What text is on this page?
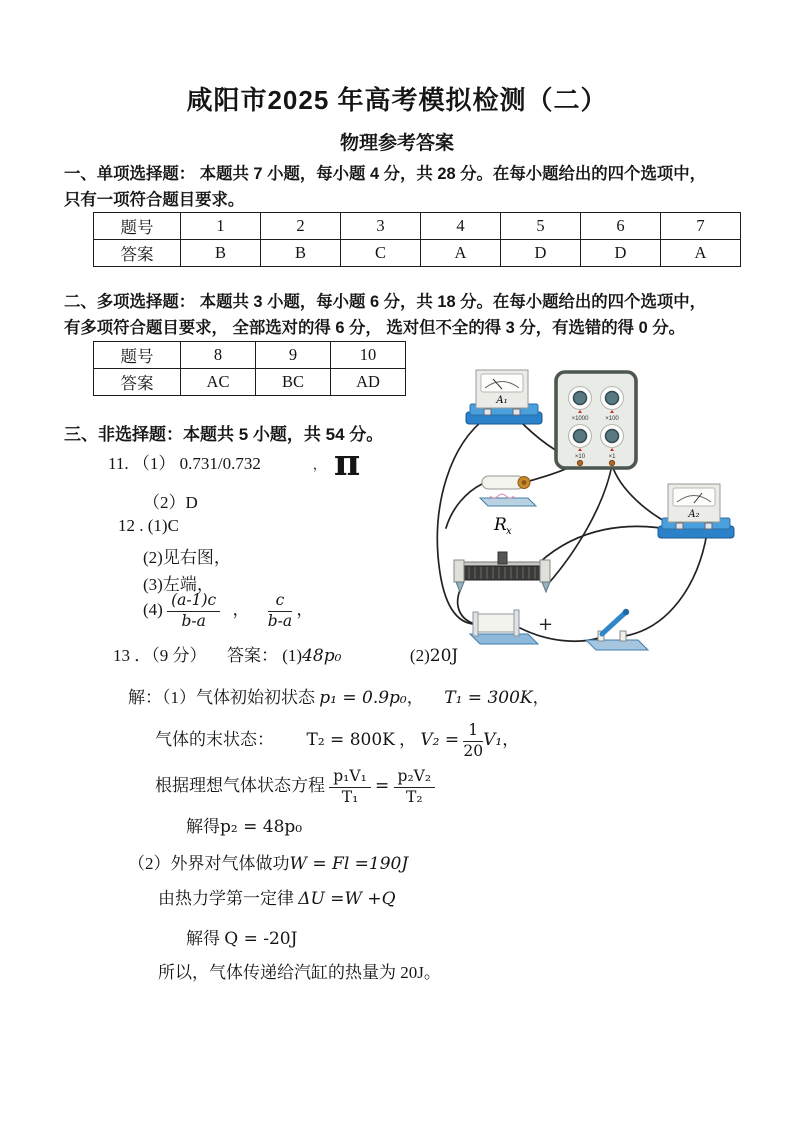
咸阳市2025 年高考模拟检测（二）
物理参考答案
一、单项选择题： 本题共 7 小题，每小题 4 分，共 28 分。在每小题给出的四个选项中，
只有一项符合题目要求。
题号	1	2	3	4	5	6	7
答案	B	B	C	A	D	D	A
二、多项选择题： 本题共 3 小题，每小题 6 分，共 18 分。在每小题给出的四个选项中，
有多项符合题目要求， 全部选对的得 6 分， 选对但不全的得 3 分，有选错的得 0 分。
题号	8	9	10
答案	AC	BC	AD
A₁
×1000	×100
×10	×1
R x
A₂
+
三、非选择题：本题共 5 小题，共 54 分。
11. （1） 0.731/0.732	， π
（2）D
12 . (1)C
(2)见右图，
(3)左端，
$(4) \frac{(a-1)c}{b-a}$ ， $\frac{c}{b-a}$ ，
13 ．（9 分） 答案： (1)48p₀	(2)20J
解：（1）气体初始初状态 p₁ = 0.9p₀， T₁ = 300K，
气体的末状态： T₂ = 800K ， $V_2 = \frac{1}{20} V_1$，
根据理想气体状态方程 $\frac{\text{p₁V₁}}{\text{T₁}} = \frac{\text{p₂V₂}}{\text{T₂}}$
解得p₂ = 48p₀
（2）外界对气体做功W = Fl =190J
由热力学第一定律 ΔU =W +Q
解得 Q = -20J
所以，气体传递给汽缸的热量为 20J。
